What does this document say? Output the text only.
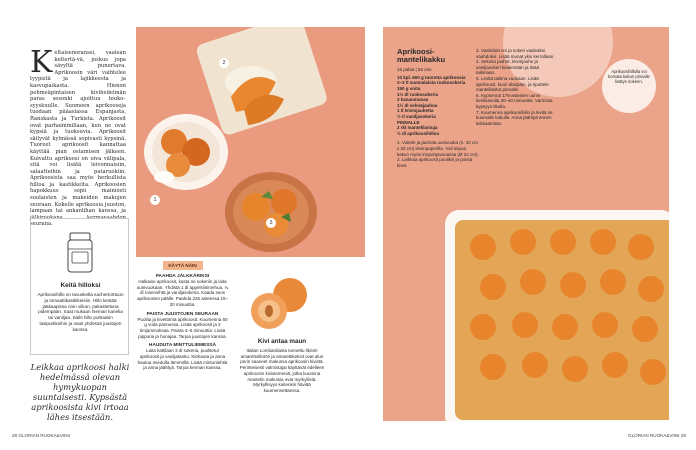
Keltaisenoranssi, vaalean keltertä-vä, joskus jopa sävyltä punertava. Aprikoosin väri vaihtelee tyypistä ja lajikkeesta ja kasvupaikasta. Hienon pehmeäpintaisen kivihedelmän paras sesonki ajoittuu touko–syyskuulle. Suomeen aprikooseja tuodaan pääasiassa Espanjasta, Ranskasta ja Turkista. Aprikoosit ovat parhaimmillaan, kun ne ovat kypsiä ja tuoksuvia. Aprikoosit säilyvät kylmässä sopivasti kypsinä. Tuoreet aprikoosit kannattaa käyttää pian ostamisen jälkeen. Kuivattu aprikoosi on oiva välipala, sitä voi lisätä leivonnaisiin, salaatteihin ja pataruokiin. Aprikoosista saa myös herkullista hilloa ja kastikkeita. Aprikoosien hapokkuus sopii mainiosti suolaisten ja makeiden makujen seuraan. Kokeile aprikoosia juuston, lampaan tai ankanlihan kanssa, ja jälkiruokana kermavaahdon seurana.
Keitä hilloksi
Aprikoosihillo on tavuskelta sachertorttuun ja tomaattikastikkeisiin. Hillo kestää jääkaapissa noin viikon, pakastettuna pidempään. Saat mukaan hieman kanelia tai vaniljaa. Säilö hillo puhtaisiin lasipurkkeihin ja nauti yhdessä juustojen kanssa.
Leikkaa aprikoosi halki hedelmässä olevan hymykuopan suuntaisesti. Kypsästä aprikoosista kivi irtoaa lähes itsestään.
2
1
3
KÄYTÄ NÄIN
PAAHDA JÄLKKÄRIKSI
Halkaise aprikoosit, kasta ne sokeriin ja laita uunivuokaan. Yhdistä 1 dl appelsiinimehua, ¼ dl rosenvihtä ja vaniljasokeria. Kaada seos aprikoosien päälle. Paahda 225 asteessa 15–20 minuuttia.
PAISTA JUUSTOJEN SEURAAN
Puolita ja kivettömä aprikoosit. Kuumenna 50 g voita pannussa. Lisää aprikoosit ja 2 timjaminoksaa. Paista 4–5 minuuttia. Lisää pippuria ja hunajaa. Tarjoa juustojen kanssa.
HAUDUTA MINTTULIEMESSÄ
Laita kattilaan 3 dl sokeria, puolitetut aprikoosit ja vaniljatanko. Kiehauta ja anna hautua miedolla lämmöllä. Lisää mintunlehtiä ja anna jäähtyä. Tarjoa kerman kanssa.
Kivi antaa maun
Italian Lombardiasta tunnettu likööri amarettolikööri ja amarettikeksit ovat alun perin saaneet makunsa aprikoosin kivistä. Perinteisesti valmistajat käyttävät edelleen aprikoosin kivisiemeniä, jotka kuumina mantelin makuisia ovat myrkyllisiä. Myrkyllisyys kuitenkin häviää kuumennettaessa.
28 GLORIAN RUOKA&VIINI
Aprikoosihillolla voi korvata kakun pinnalle lisätyn sokerin.
Aprikoosi-mantelikakku
15 palaa | 55 min
10 kpl. 600 g tuoretta aprikoosia
2–3 tl suomalaista ruokosokeria
150 g voita
1½ dl ruokosokeria
2 kananmunaa
1½ dl vehnäjauhoa
1 tl leivinjauhetta
½ tl vaniljasokeria
PINNALLE
2 rkl mantelilastuja
½ dl aprikoosihilloa
1. Voitele ja jauhota uunivuoka (n. 32 cm x 20 cm) leivinpaperilla. Voit leipoa kakun myös irtopohjavuoassa (Ø 22 cm).
2. Leikkaa aprikoosit puoliksi ja poista kivet.
3. Vaahdota voi ja sokeri vaaleaksi vaahdoksi. Lisää munat yksi kerrallaan.
4. Sekoita jauhot, leivinjauhe ja vaniljasokeri keskenään ja lisää taikinaan.
5. Levitä taikina vuokaan. Lisää aprikoosit, kuori alaspäin, ja ripottele mantelilastut pinnalle.
6. Kypsennä 175-asteisen uunin keskitasolla 30–40 minuuttia. Varmista kypsyys tikulla.
7. Kuumenna aprikoosihillo ja levitä se kuumalle kakulle. Anna jäähtyä ennen leikkaamista.
GLORIAN RUOKA&VIINI 29
